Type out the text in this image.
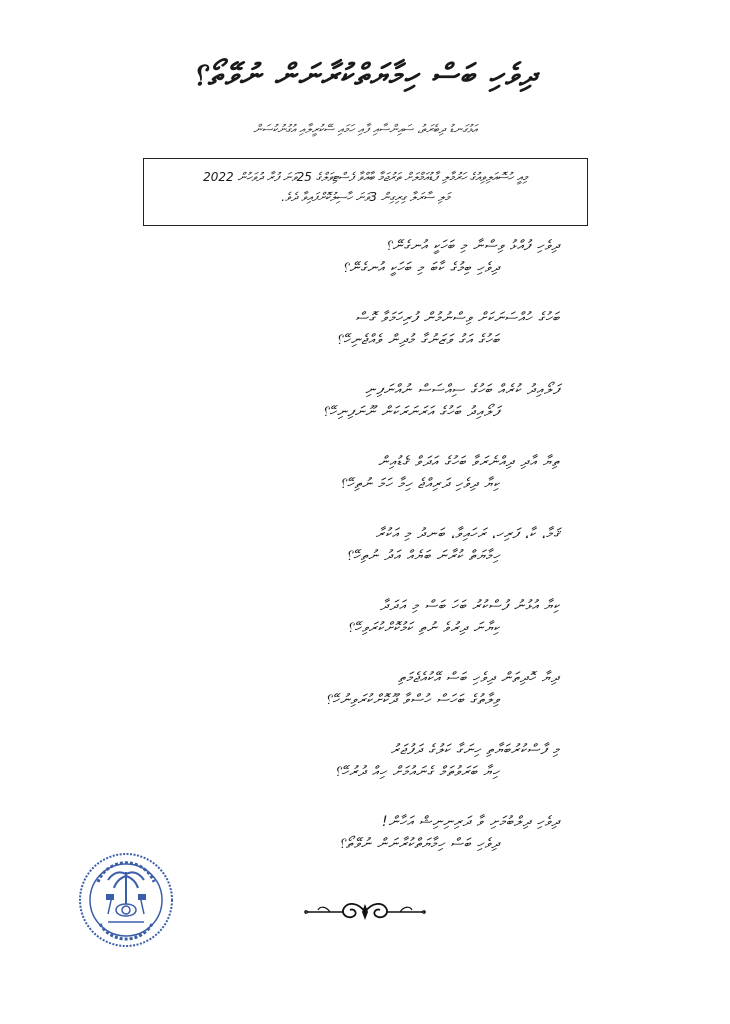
ދިވެހި ބަސް ހިމާޔަތްކުރާނަން ނުވޭތޯ؟
އަޅުގަނޑު ދިބެރަތު، ސައިންސާއި ފާއި ހަމައި ސޭކުރީލާއި އުގުނުކުސަން
މިއީ ހުސޮއަލިވިއުގެ ހަރުމާލި ފާޑުއަމްލަށް ތަރުޖަމާ ބާއްވާ ފެސްޓިވަލްގެ 25ވަނަ ފުރާ ދުވަހުން 2022
މަލި ސާރަލާ ގިރިގިން 3ވަނަ ހާސިލުކޮށްފައިވާ ދެވެ.
ދިވެހި ފުއްޅު ވިސްނާ މި ބަހަކީ އުނގެނޭ؟
ދިވެހި ބިމުގެ ކާބަ މި ބަހަކީ އުނގެނޭ؟
ބަހުގެ ހުއްސަނަކަށް ވިސްނުމުން ފުރިހަމަވާ ގޮސް
ބަހުގެ އަގު ވަޒަނުގާ މުދިން ވެއްޖެނިހޭ؟
ފަލޯއިދު ކުރެއް ބަހުގެ ސިއްސަސް ނުއްނަފިނި
ފަލޯއިދު ބަހުގެ އަރަނަރަކަން ނޫނަފިނިހޭ؟
ތިޔާ އާދި ދިއްނެރަވާ ބަހުގެ އަދަވް ޤެޑުއިން
ކިޔާ ދިވެހި ދަރިއްޖެ ހިމާ ހަމަ ނުތިހޭ؟
ޤަމާ، ކާ، ފަރިހ، ރަހައިވާ، ބަނދު މި އަކުރާ
ހިމާޔަތް ކުރާނަ ބަޔެއް އަދު ނުތިހޭ؟
ކިޔާ އުޅުނު ފުސްކުރު ބަހަ ބަސް މި އަދަދާ
ކިޔާނަ ދިރުވެ ނުތި ކަމުކޮށްކުރަވިހޭ؟
ދިޔާ ހޮދިތަން ދިވެހި ބަސް އޭކުއެޖެމަތި
ވިލާތުގެ ބަހަސް ހުސްވާ ދޫކޮށްކުރަވިނުހޭ؟
މި ފާސްކުރުބަޔާތި ހިނަގާ ކަލުގެ ދަފުޖަރު
ހިޔާ ބަރަވުތަމް ގެނައުމަށް ހިއް ދުރުހޭ؟
ދިވެހި ދިލްބުމަށި ވާ ދަރިނިނިޝް އަހާން!
ދިވެހި ބަސް ހިމާޔަތްކުރާނަން ނުވޭތޯ؟
